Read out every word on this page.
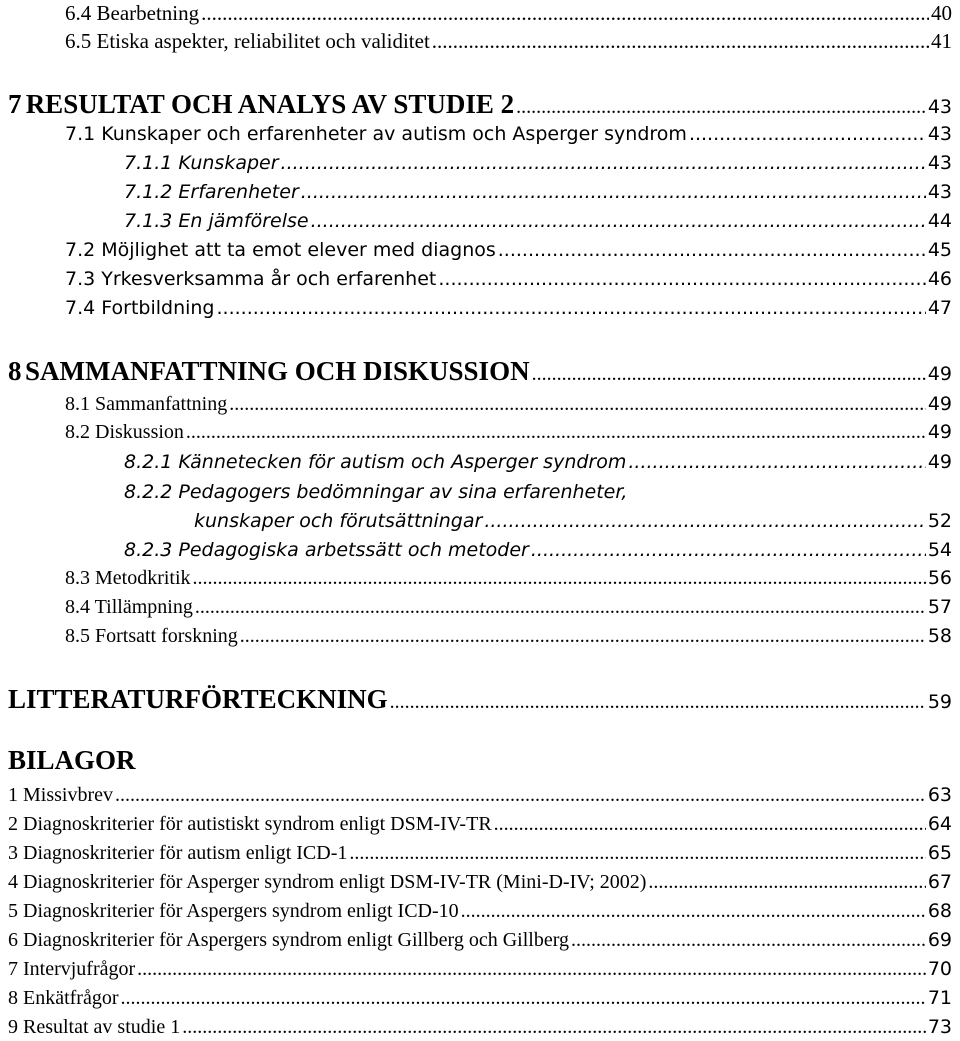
6.4 Bearbetning .....	40
6.5 Etiska aspekter, reliabilitet och validitet .....	41
7 RESULTAT OCH ANALYS AV STUDIE 2 .....	43
7.1 Kunskaper och erfarenheter av autism och Asperger syndrom .....	43
7.1.1 Kunskaper .....	43
7.1.2 Erfarenheter .....	43
7.1.3 En jämförelse .....	44
7.2 Möjlighet att ta emot elever med diagnos .....	45
7.3 Yrkesverksamma år och erfarenhet .....	46
7.4 Fortbildning .....	47
8 SAMMANFATTNING OCH DISKUSSION .....	49
8.1 Sammanfattning .....	49
8.2 Diskussion .....	49
8.2.1 Kännetecken för autism och Asperger syndrom .....	49
8.2.2 Pedagogers bedömningar av sina erfarenheter,
kunskaper och förutsättningar .....	52
8.2.3 Pedagogiska arbetssätt och metoder .....	54
8.3 Metodkritik .....	56
8.4 Tillämpning .....	57
8.5 Fortsatt forskning .....	58
LITTERATURFÖRTECKNING .....	59
BILAGOR
1 Missivbrev .....	63
2 Diagnoskriterier för autistiskt syndrom enligt DSM-IV-TR .....	64
3 Diagnoskriterier för autism enligt ICD-1 .....	65
4 Diagnoskriterier för Asperger syndrom enligt DSM-IV-TR (Mini-D-IV; 2002) .....	67
5 Diagnoskriterier för Aspergers syndrom enligt ICD-10 .....	68
6 Diagnoskriterier för Aspergers syndrom enligt Gillberg och Gillberg .....	69
7 Intervjufrågor .....	70
8 Enkätfrågor .....	71
9 Resultat av studie 1 .....	73
